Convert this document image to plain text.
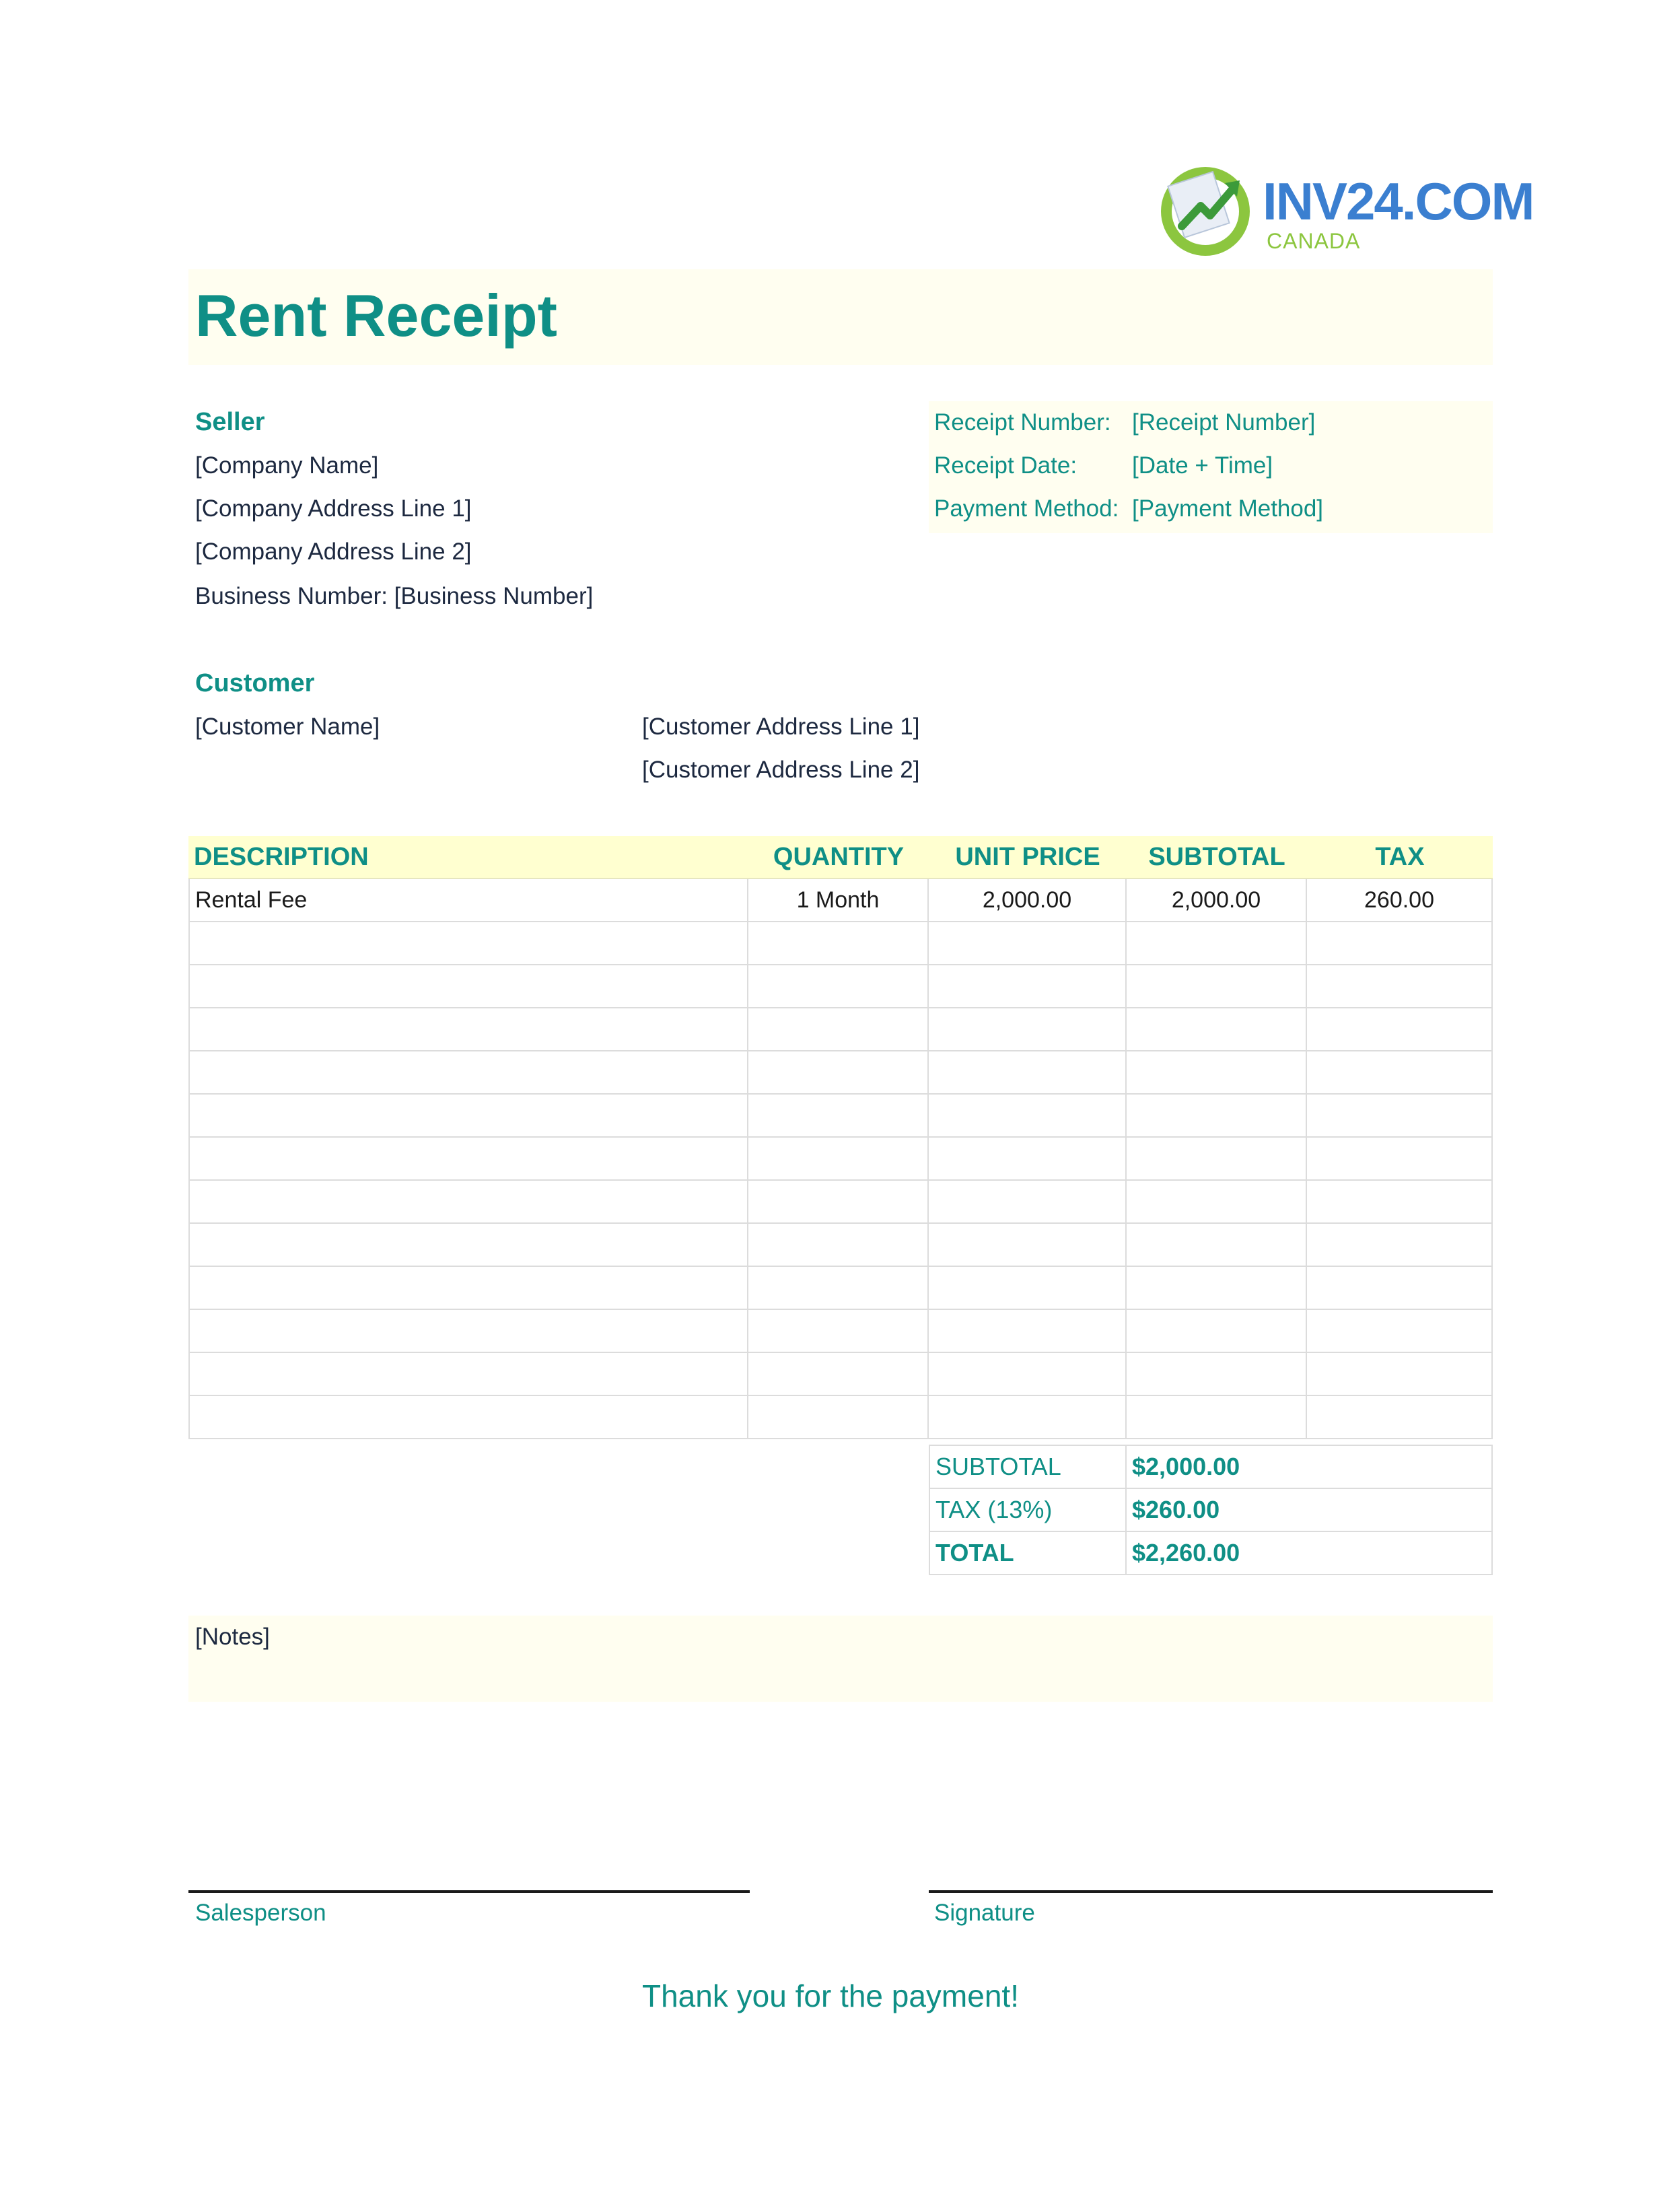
INV24.COM
CANADA
Rent Receipt
Seller
[Company Name]
[Company Address Line 1]
[Company Address Line 2]
Business Number: [Business Number]
Receipt Number: [Receipt Number]
Receipt Date: [Date + Time]
Payment Method: [Payment Method]
Customer
[Customer Name]	[Customer Address Line 1]
[Customer Address Line 2]
DESCRIPTION	QUANTITY	UNIT PRICE	SUBTOTAL	TAX
Rental Fee	1 Month	2,000.00	2,000.00	260.00
SUBTOTAL	$2,000.00
TAX (13%)	$260.00
TOTAL	$2,260.00
[Notes]
Salesperson	Signature
Thank you for the payment!
